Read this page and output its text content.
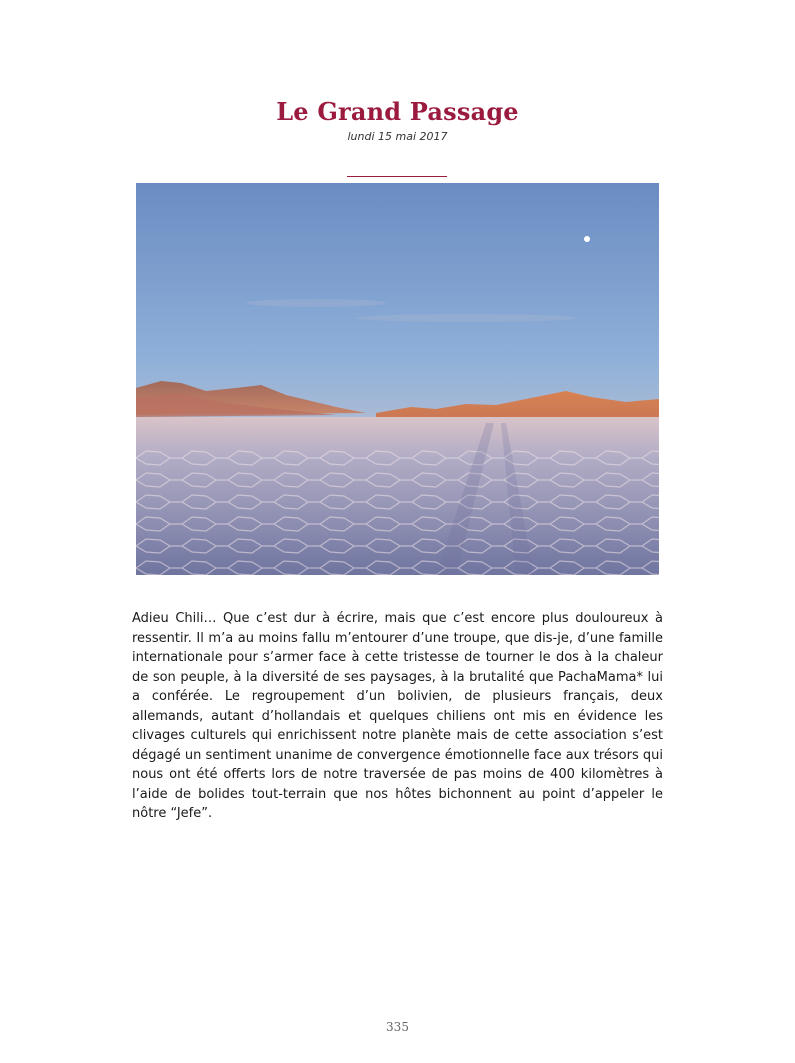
Le Grand Passage
lundi 15 mai 2017

Adieu Chili… Que c’est dur à écrire, mais que c’est encore plus douloureux à ressentir. Il m’a au moins fallu m’entourer d’une troupe, que dis-je, d’une famille internationale pour s’armer face à cette tristesse de tourner le dos à la chaleur de son peuple, à la diversité de ses paysages, à la brutalité que PachaMama* lui a conférée. Le regroupement d’un bolivien, de plusieurs français, deux allemands, autant d’hollandais et quelques chiliens ont mis en évidence les clivages culturels qui enrichissent notre planète mais de cette association s’est dégagé un sentiment unanime de convergence émotionnelle face aux trésors qui nous ont été offerts lors de notre traversée de pas moins de 400 kilomètres à l’aide de bolides tout-terrain que nos hôtes bichonnent au point d’appeler le nôtre “Jefe”.

335
